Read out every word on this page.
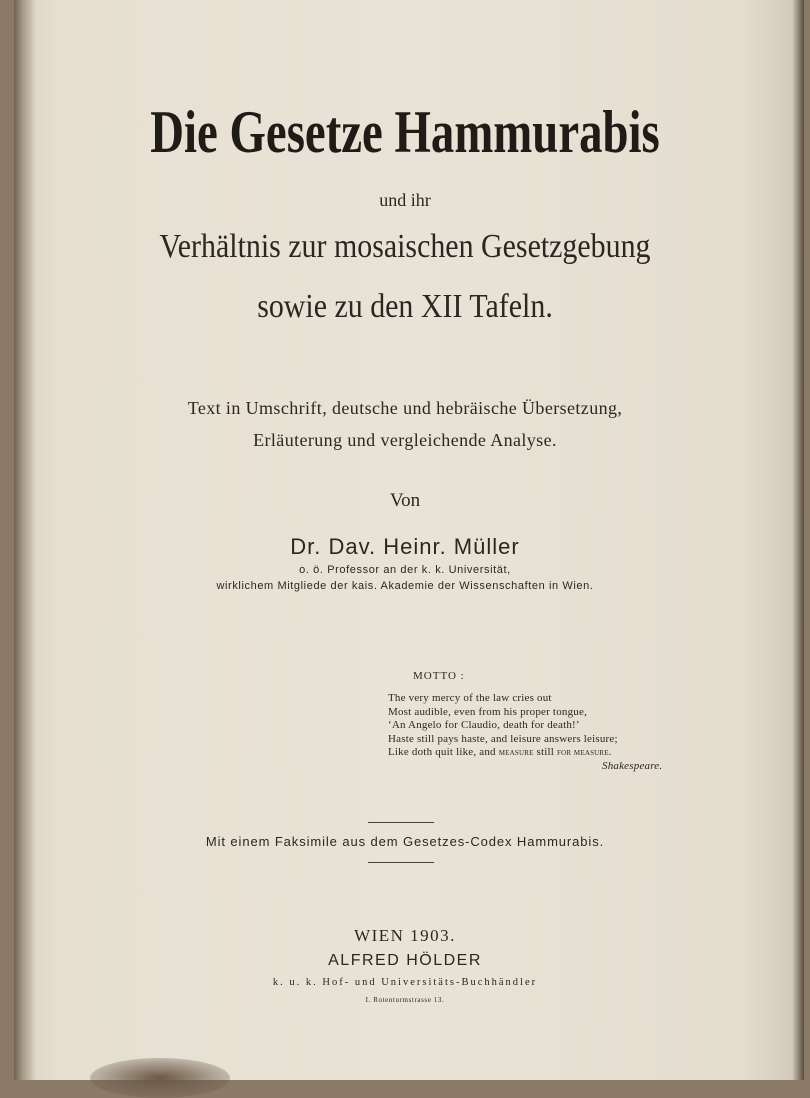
Die Gesetze Hammurabis
und ihr
Verhältnis zur mosaischen Gesetzgebung
sowie zu den XII Tafeln.
Text in Umschrift, deutsche und hebräische Übersetzung,
Erläuterung und vergleichende Analyse.
Von
Dr. Dav. Heinr. Müller
o. ö. Professor an der k. k. Universität,
wirklichem Mitgliede der kais. Akademie der Wissenschaften in Wien.
MOTTO :
The very mercy of the law cries out
Most audible, even from his proper tongue,
‘An Angelo for Claudio, death for death!’
Haste still pays haste, and leisure answers leisure;
Like doth quit like, and measure still for measure.
Shakespeare.
Mit einem Faksimile aus dem Gesetzes-Codex Hammurabis.
WIEN 1903.
ALFRED HÖLDER
k. u. k. Hof- und Universitäts-Buchhändler
I. Rotenturmstrasse 13.
